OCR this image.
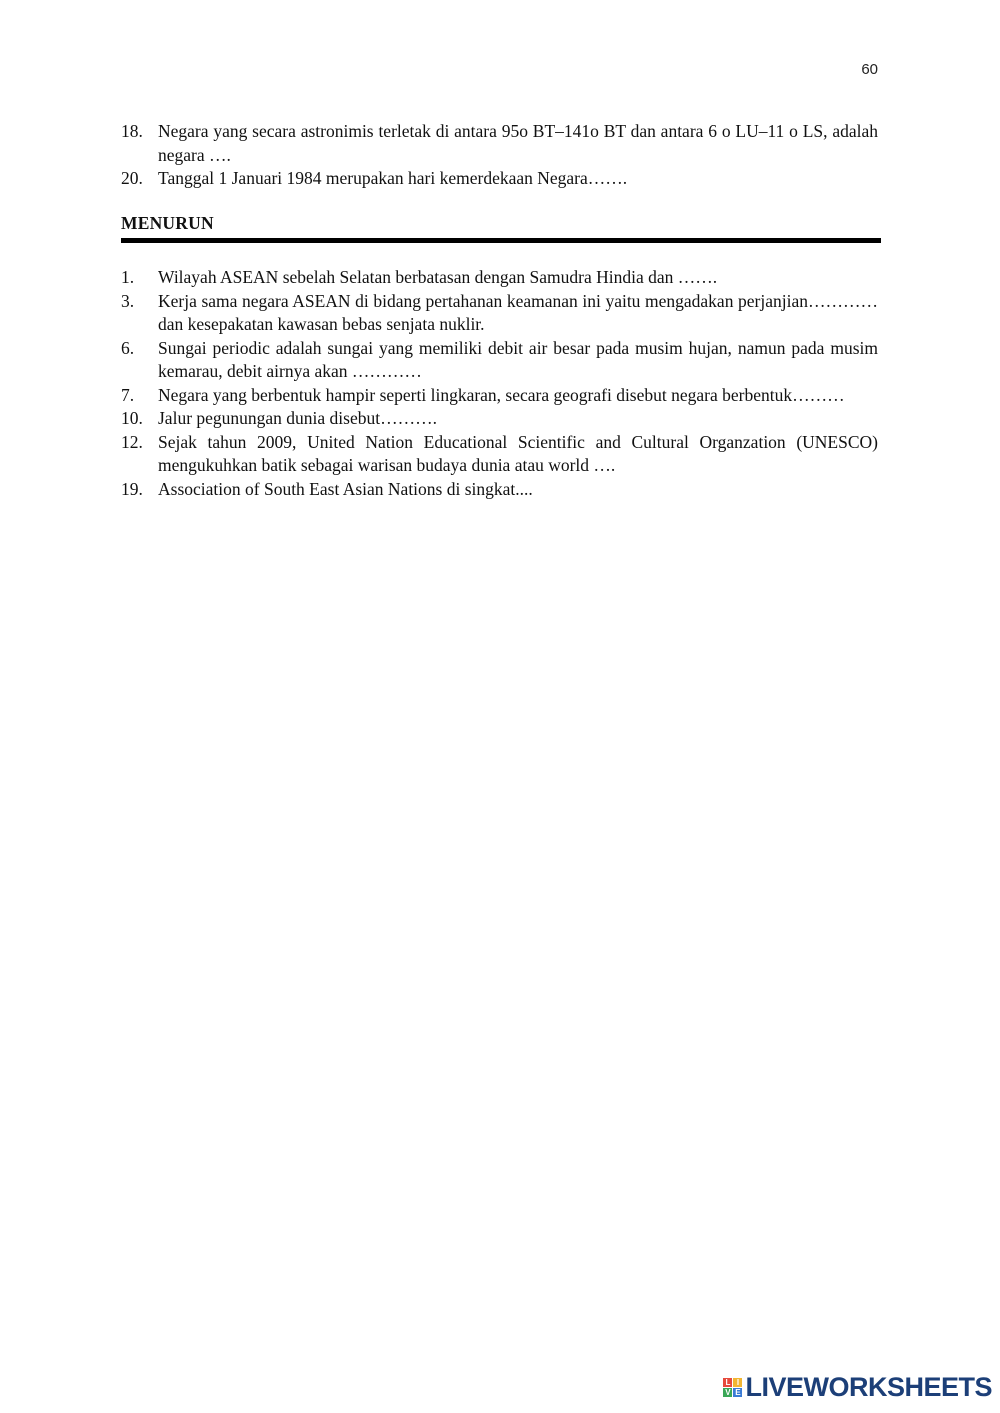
60
18. Negara yang secara astronimis terletak di antara 95o BT–141o BT dan antara 6 o LU–11 o LS, adalah negara ….
20. Tanggal 1 Januari 1984 merupakan hari kemerdekaan Negara…….
MENURUN
1.	Wilayah ASEAN sebelah Selatan berbatasan dengan Samudra Hindia dan …….
3.	Kerja sama negara ASEAN di bidang pertahanan keamanan ini yaitu mengadakan perjanjian………… dan kesepakatan kawasan bebas senjata nuklir.
6.	Sungai periodic adalah sungai yang memiliki debit air besar pada musim hujan, namun pada musim kemarau, debit airnya akan …………
7.	Negara yang berbentuk hampir seperti lingkaran, secara geografi disebut negara berbentuk………
10. Jalur pegunungan dunia disebut……….
12. Sejak tahun 2009, United Nation Educational Scientific and Cultural Organzation (UNESCO) mengukuhkan batik sebagai warisan budaya dunia atau world ….
19. Association of South East Asian Nations di singkat....
L I
V E LIVEWORKSHEETS
